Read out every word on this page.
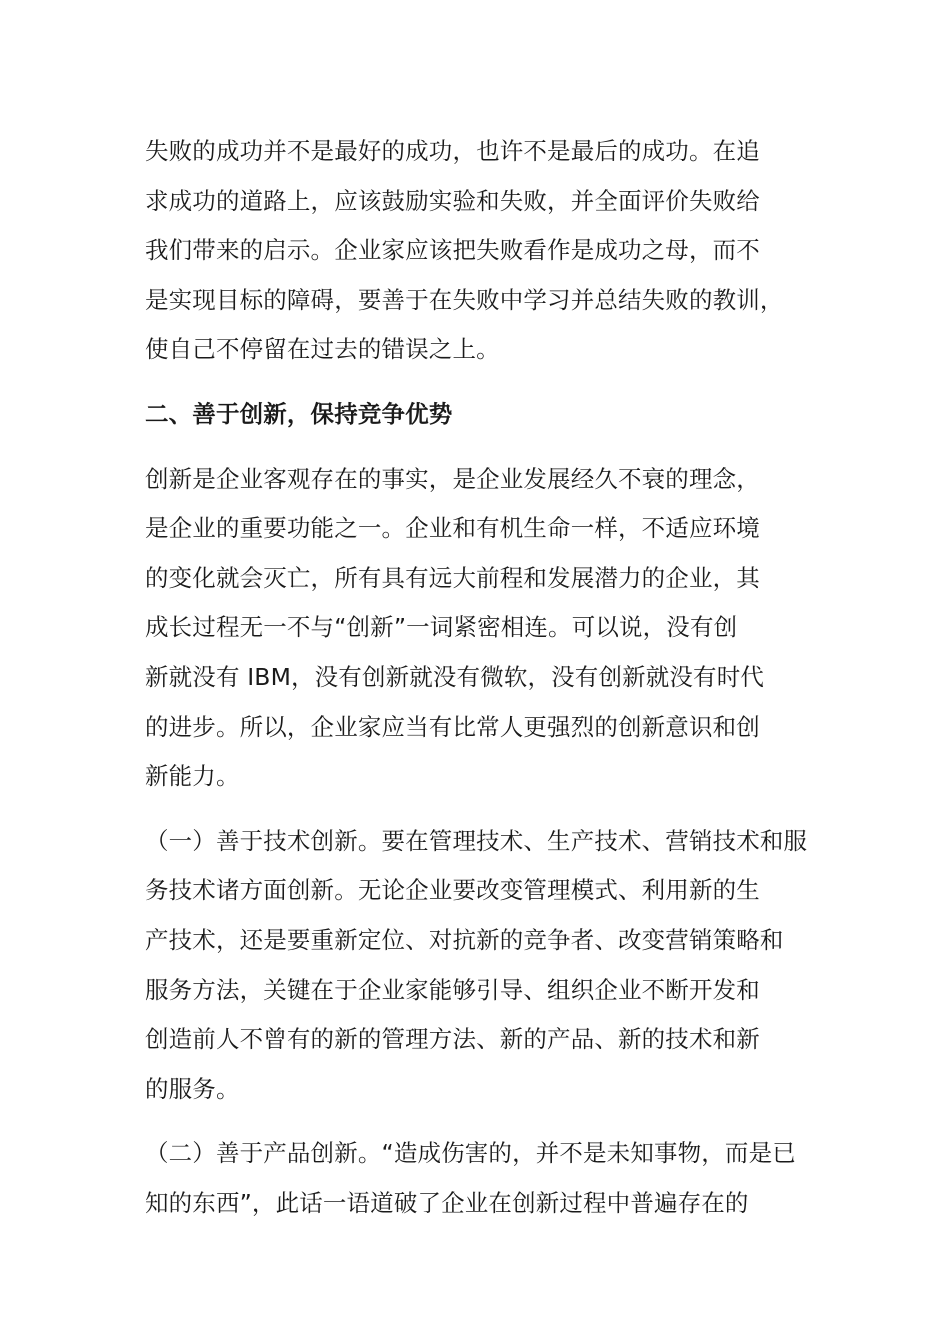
失败的成功并不是最好的成功，也许不是最后的成功。在追
求成功的道路上，应该鼓励实验和失败，并全面评价失败给
我们带来的启示。企业家应该把失败看作是成功之母，而不
是实现目标的障碍，要善于在失败中学习并总结失败的教训，
使自己不停留在过去的错误之上。
二、善于创新，保持竞争优势
创新是企业客观存在的事实，是企业发展经久不衰的理念，
是企业的重要功能之一。企业和有机生命一样，不适应环境
的变化就会灭亡，所有具有远大前程和发展潜力的企业，其
成长过程无一不与“创新”一词紧密相连。可以说，没有创
新就没有 IBM，没有创新就没有微软，没有创新就没有时代
的进步。所以，企业家应当有比常人更强烈的创新意识和创
新能力。
（一）善于技术创新。要在管理技术、生产技术、营销技术和服
务技术诸方面创新。无论企业要改变管理模式、利用新的生
产技术，还是要重新定位、对抗新的竞争者、改变营销策略和
服务方法，关键在于企业家能够引导、组织企业不断开发和
创造前人不曾有的新的管理方法、新的产品、新的技术和新
的服务。
（二）善于产品创新。“造成伤害的，并不是未知事物，而是已
知的东西”，此话一语道破了企业在创新过程中普遍存在的
